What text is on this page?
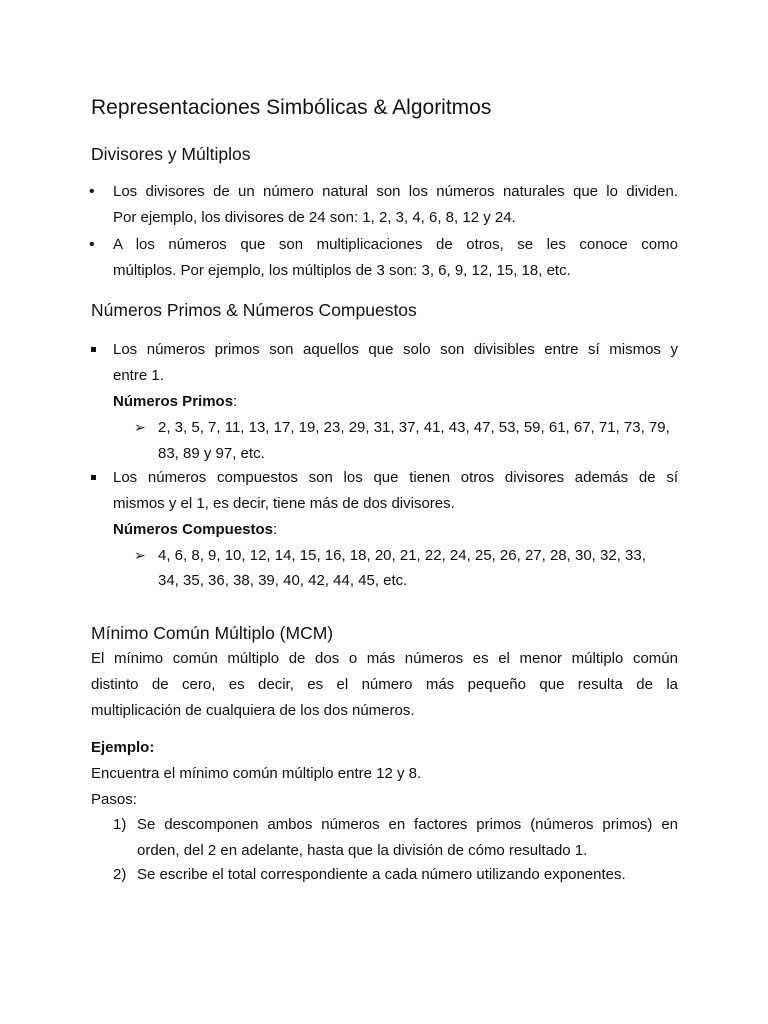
Representaciones Simbólicas & Algoritmos
Divisores y Múltiplos
• Los divisores de un número natural son los números naturales que lo dividen.
Por ejemplo, los divisores de 24 son: 1, 2, 3, 4, 6, 8, 12 y 24.
• A los números que son multiplicaciones de otros, se les conoce como
múltiplos. Por ejemplo, los múltiplos de 3 son: 3, 6, 9, 12, 15, 18, etc.
Números Primos & Números Compuestos
Los números primos son aquellos que solo son divisibles entre sí mismos y
entre 1.
Números Primos:
➢ 2, 3, 5, 7, 11, 13, 17, 19, 23, 29, 31, 37, 41, 43, 47, 53, 59, 61, 67, 71, 73, 79,
83, 89 y 97, etc.
Los números compuestos son los que tienen otros divisores además de sí
mismos y el 1, es decir, tiene más de dos divisores.
Números Compuestos:
➢ 4, 6, 8, 9, 10, 12, 14, 15, 16, 18, 20, 21, 22, 24, 25, 26, 27, 28, 30, 32, 33,
34, 35, 36, 38, 39, 40, 42, 44, 45, etc.
Mínimo Común Múltiplo (MCM)
El mínimo común múltiplo de dos o más números es el menor múltiplo común
distinto de cero, es decir, es el número más pequeño que resulta de la
multiplicación de cualquiera de los dos números.
Ejemplo:
Encuentra el mínimo común múltiplo entre 12 y 8.
Pasos:
1) Se descomponen ambos números en factores primos (números primos) en
orden, del 2 en adelante, hasta que la división de cómo resultado 1.
2) Se escribe el total correspondiente a cada número utilizando exponentes.
